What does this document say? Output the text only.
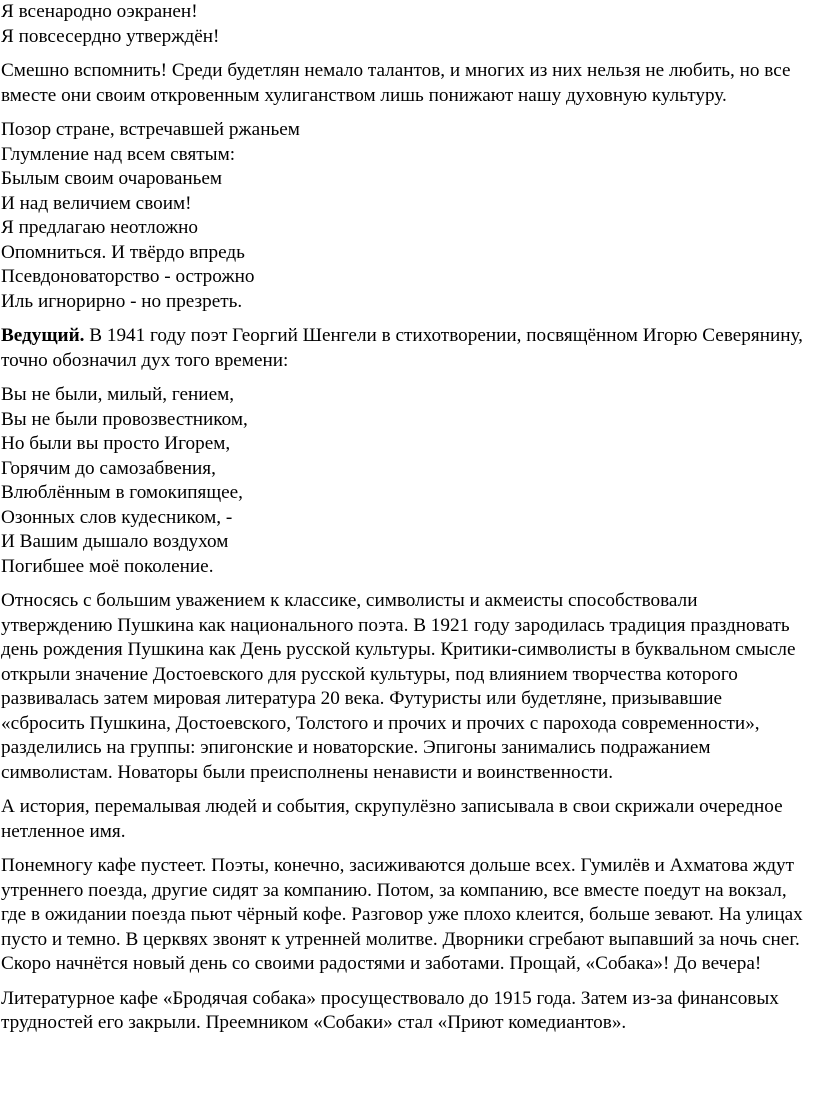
Я всенародно оэкранен!
Я повсесердно утверждён!
Смешно вспомнить! Среди будетлян немало талантов, и многих из них нельзя не любить, но все вместе они своим откровенным хулиганством лишь понижают нашу духовную культуру.
Позор стране, встречавшей ржаньем
Глумление над всем святым:
Былым своим очарованьем
И над величием своим!
Я предлагаю неотложно
Опомниться. И твёрдо впредь
Псевдоноваторство - острожно
Иль игнорирно - но презреть.
Ведущий. В 1941 году поэт Георгий Шенгели в стихотворении, посвящённом Игорю Северянину, точно обозначил дух того времени:
Вы не были, милый, гением,
Вы не были провозвестником,
Но были вы просто Игорем,
Горячим до самозабвения,
Влюблённым в гомокипящее,
Озонных слов кудесником, -
И Вашим дышало воздухом
Погибшее моё поколение.
Относясь с большим уважением к классике, символисты и акмеисты способствовали утверждению Пушкина как национального поэта. В 1921 году зародилась традиция праздновать день рождения Пушкина как День русской культуры. Критики-символисты в буквальном смысле открыли значение Достоевского для русской культуры, под влиянием творчества которого развивалась затем мировая литература 20 века. Футуристы или будетляне, призывавшие «сбросить Пушкина, Достоевского, Толстого и прочих и прочих с парохода современности», разделились на группы: эпигонские и новаторские. Эпигоны занимались подражанием символистам. Новаторы были преисполнены ненависти и воинственности.
А история, перемалывая людей и события, скрупулёзно записывала в свои скрижали очередное нетленное имя.
Понемногу кафе пустеет. Поэты, конечно, засиживаются дольше всех. Гумилёв и Ахматова ждут утреннего поезда, другие сидят за компанию. Потом, за компанию, все вместе поедут на вокзал, где в ожидании поезда пьют чёрный кофе. Разговор уже плохо клеится, больше зевают. На улицах пусто и темно. В церквях звонят к утренней молитве. Дворники сгребают выпавший за ночь снег. Скоро начнётся новый день со своими радостями и заботами. Прощай, «Собака»! До вечера!
Литературное кафе «Бродячая собака» просуществовало до 1915 года. Затем из-за финансовых трудностей его закрыли. Преемником «Собаки» стал «Приют комедиантов».
